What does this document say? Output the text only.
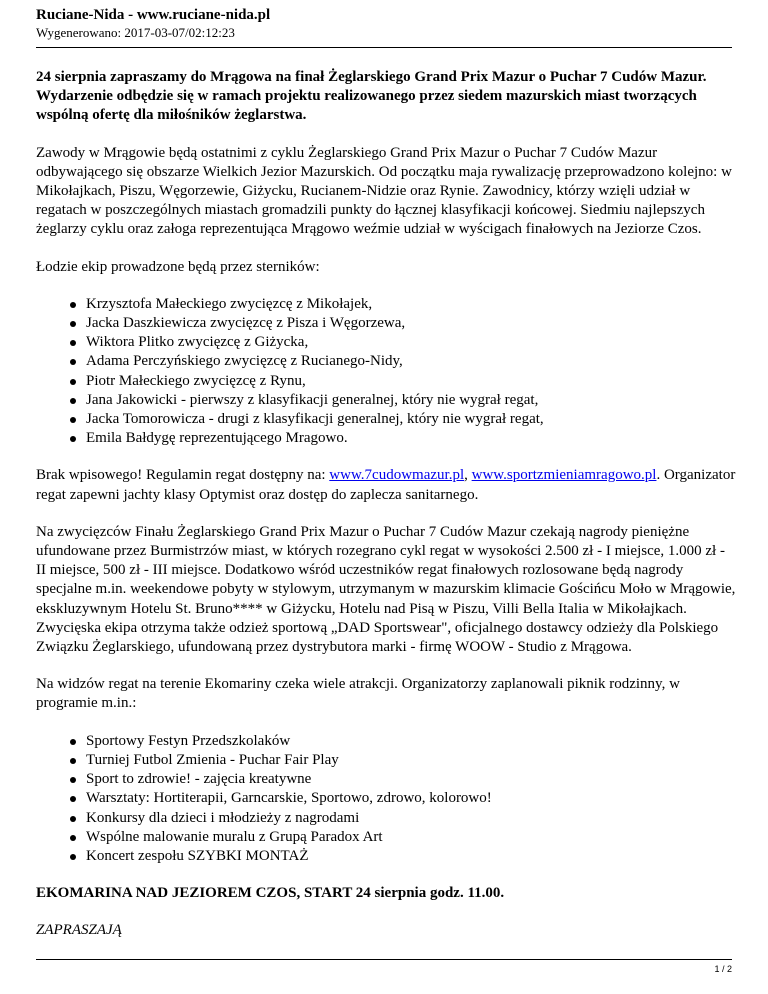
Ruciane-Nida - www.ruciane-nida.pl
Wygenerowano: 2017-03-07/02:12:23

24 sierpnia zapraszamy do Mrągowa na finał Żeglarskiego Grand Prix Mazur o Puchar 7 Cudów Mazur. Wydarzenie odbędzie się w ramach projektu realizowanego przez siedem mazurskich miast tworzących wspólną ofertę dla miłośników żeglarstwa.

Zawody w Mrągowie będą ostatnimi z cyklu Żeglarskiego Grand Prix Mazur o Puchar 7 Cudów Mazur odbywającego się obszarze Wielkich Jezior Mazurskich. Od początku maja rywalizację przeprowadzono kolejno: w Mikołajkach, Piszu, Węgorzewie, Giżycku, Rucianem-Nidzie oraz Rynie. Zawodnicy, którzy wzięli udział w regatach w poszczególnych miastach gromadzili punkty do łącznej klasyfikacji końcowej. Siedmiu najlepszych żeglarzy cyklu oraz załoga reprezentująca Mrągowo weźmie udział w wyścigach finałowych na Jeziorze Czos.

Łodzie ekip prowadzone będą przez sterników:

Krzysztofa Małeckiego zwycięzcę z Mikołajek,
Jacka Daszkiewicza zwycięzcę z Pisza i Węgorzewa,
Wiktora Plitko zwycięzcę z Giżycka,
Adama Perczyńskiego zwycięzcę z Rucianego-Nidy,
Piotr Małeckiego zwycięzcę z Rynu,
Jana Jakowicki - pierwszy z klasyfikacji generalnej, który nie wygrał regat,
Jacka Tomorowicza - drugi z klasyfikacji generalnej, który nie wygrał regat,
Emila Bałdygę reprezentującego Mragowo.

Brak wpisowego! Regulamin regat dostępny na: www.7cudowmazur.pl, www.sportzmieniamragowo.pl. Organizator regat zapewni jachty klasy Optymist oraz dostęp do zaplecza sanitarnego.

Na zwycięzców Finału Żeglarskiego Grand Prix Mazur o Puchar 7 Cudów Mazur czekają nagrody pieniężne ufundowane przez Burmistrzów miast, w których rozegrano cykl regat w wysokości 2.500 zł - I miejsce, 1.000 zł - II miejsce, 500 zł - III miejsce. Dodatkowo wśród uczestników regat finałowych rozlosowane będą nagrody specjalne m.in. weekendowe pobyty w stylowym, utrzymanym w mazurskim klimacie Gościńcu Mołо w Mrągowie, ekskluzywnym Hotelu St. Bruno**** w Giżycku, Hotelu nad Pisą w Piszu, Villi Bella Italia w Mikołajkach. Zwycięska ekipa otrzyma także odzież sportową „DAD Sportswear", oficjalnego dostawcy odzieży dla Polskiego Związku Żeglarskiego, ufundowaną przez dystrybutora marki - firmę WOOW - Studio z Mrągowa.

Na widzów regat na terenie Ekomariny czeka wiele atrakcji. Organizatorzy zaplanowali piknik rodzinny, w programie m.in.:

Sportowy Festyn Przedszkolaków
Turniej Futbol Zmienia - Puchar Fair Play
Sport to zdrowie! - zajęcia kreatywne
Warsztaty: Hortiterapii, Garncarskie, Sportowo, zdrowo, kolorowo!
Konkursy dla dzieci i młodzieży z nagrodami
Wspólne malowanie muralu z Grupą Paradox Art
Koncert zespołu SZYBKI MONTAŻ

EKOMARINA NAD JEZIOREM CZOS, START 24 sierpnia godz. 11.00.

ZAPRASZAJĄ

1 / 2
